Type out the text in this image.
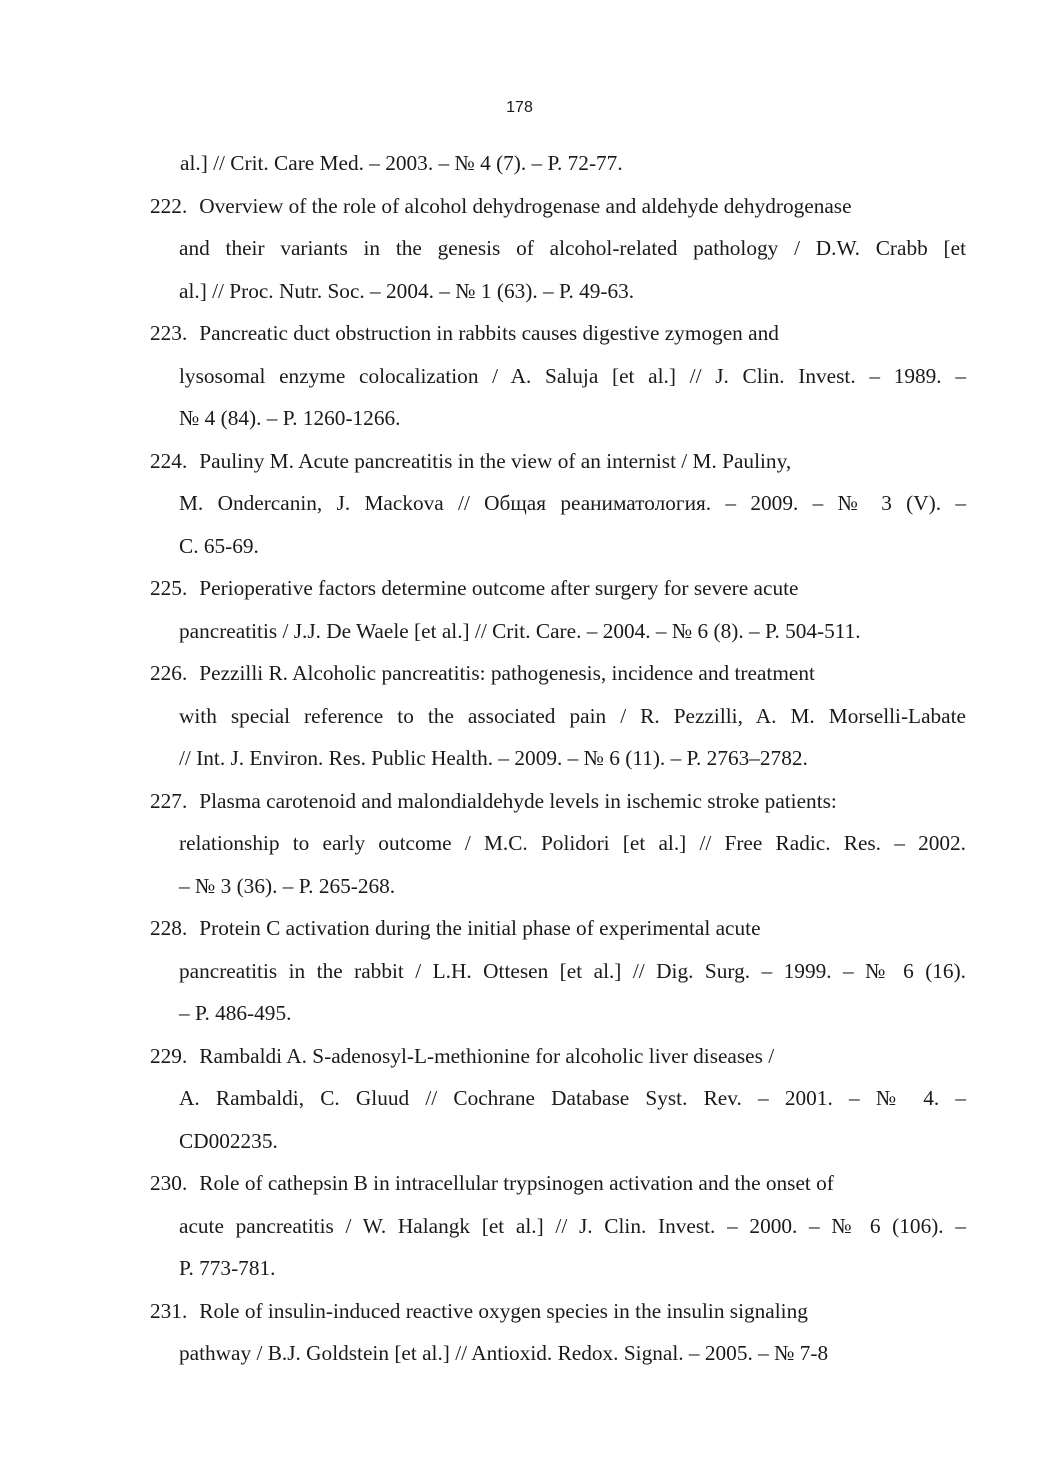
178
al.] // Crit. Care Med. – 2003. – № 4 (7). – P. 72-77.
222. Overview of the role of alcohol dehydrogenase and aldehyde dehydrogenase
and their variants in the genesis of alcohol-related pathology / D.W. Crabb [et
al.] // Proc. Nutr. Soc. – 2004. – № 1 (63). – P. 49-63.
223. Pancreatic duct obstruction in rabbits causes digestive zymogen and
lysosomal enzyme colocalization / A. Saluja [et al.] // J. Clin. Invest. – 1989. –
№ 4 (84). – P. 1260-1266.
224. Pauliny M. Acute pancreatitis in the view of an internist / M. Pauliny,
M. Ondercanin, J. Mackova // Общая реаниматология. – 2009. – № 3 (V). –
С. 65-69.
225. Perioperative factors determine outcome after surgery for severe acute
pancreatitis / J.J. De Waele [et al.] // Crit. Care. – 2004. – № 6 (8). – P. 504-511.
226. Pezzilli R. Alcoholic pancreatitis: pathogenesis, incidence and treatment
with special reference to the associated pain / R. Pezzilli, A. M. Morselli-Labate
// Int. J. Environ. Res. Public Health. – 2009. – № 6 (11). – P. 2763–2782.
227. Plasma carotenoid and malondialdehyde levels in ischemic stroke patients:
relationship to early outcome / M.C. Polidori [et al.] // Free Radic. Res. – 2002.
– № 3 (36). – P. 265-268.
228. Protein C activation during the initial phase of experimental acute
pancreatitis in the rabbit / L.H. Ottesen [et al.] // Dig. Surg. – 1999. – № 6 (16).
– P. 486-495.
229. Rambaldi A. S-adenosyl-L-methionine for alcoholic liver diseases /
A. Rambaldi, C. Gluud // Cochrane Database Syst. Rev. – 2001. – № 4. –
CD002235.
230. Role of cathepsin B in intracellular trypsinogen activation and the onset of
acute pancreatitis / W. Halangk [et al.] // J. Clin. Invest. – 2000. – № 6 (106). –
P. 773-781.
231. Role of insulin-induced reactive oxygen species in the insulin signaling
pathway / B.J. Goldstein [et al.] // Antioxid. Redox. Signal. – 2005. – № 7-8
